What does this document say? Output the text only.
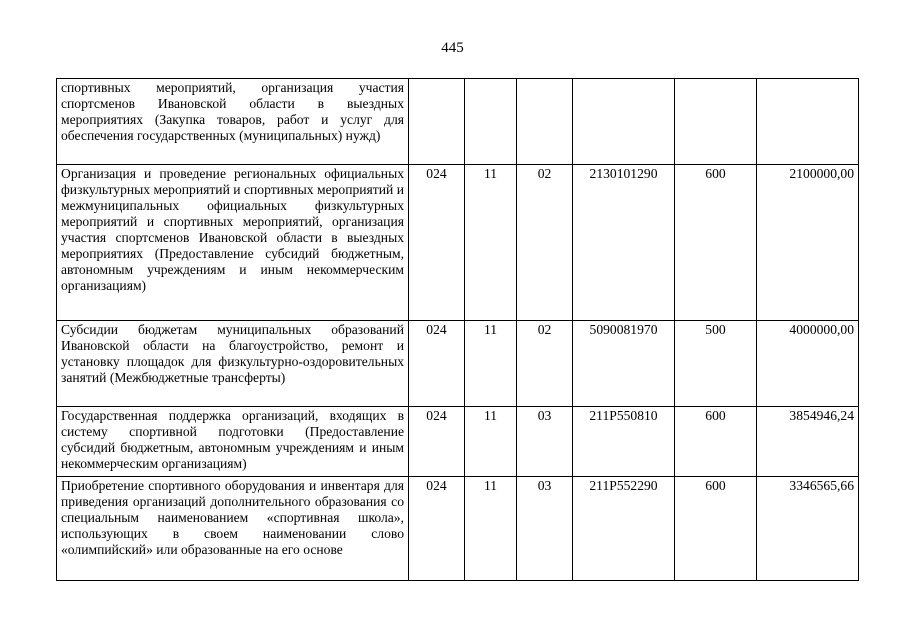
445
спортивных мероприятий, организация участия спортсменов Ивановской области в выездных мероприятиях (Закупка товаров, работ и услуг для обеспечения государственных (муниципальных) нужд)						
Организация и проведение региональных официальных физкультурных мероприятий и спортивных мероприятий и межмуниципальных официальных физкультурных мероприятий и спортивных мероприятий, организация участия спортсменов Ивановской области в выездных мероприятиях (Предоставление субсидий бюджетным, автономным учреждениям и иным некоммерческим организациям)	024	11	02	2130101290	600	2100000,00
Субсидии бюджетам муниципальных образований Ивановской области на благоустройство, ремонт и установку площадок для физкультурно-оздоровительных занятий (Межбюджетные трансферты)	024	11	02	5090081970	500	4000000,00
Государственная поддержка организаций, входящих в систему спортивной подготовки (Предоставление субсидий бюджетным, автономным учреждениям и иным некоммерческим организациям)	024	11	03	211P550810	600	3854946,24
Приобретение спортивного оборудования и инвентаря для приведения организаций дополнительного образования со специальным наименованием «спортивная школа», использующих в своем наименовании слово «олимпийский» или образованные на его основе	024	11	03	211P552290	600	3346565,66
